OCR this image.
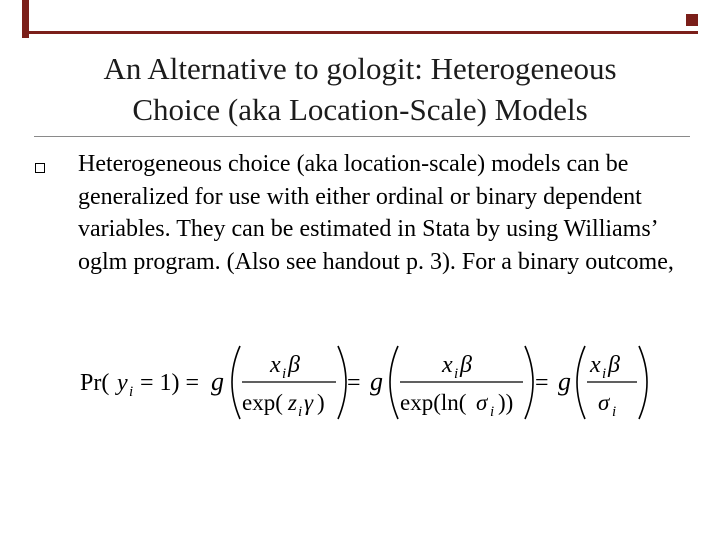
An Alternative to gologit: Heterogeneous
Choice (aka Location-Scale) Models
Heterogeneous choice (aka location-scale) models can be generalized for use with either ordinal or binary dependent variables. They can be estimated in Stata by using Williams’ oglm program. (Also see handout p. 3). For a binary outcome,
Pr( y i = 1) = g
x i β
exp( z i γ )
= g
x i β
exp(ln( σ i ))
= g
x i β
σ i
